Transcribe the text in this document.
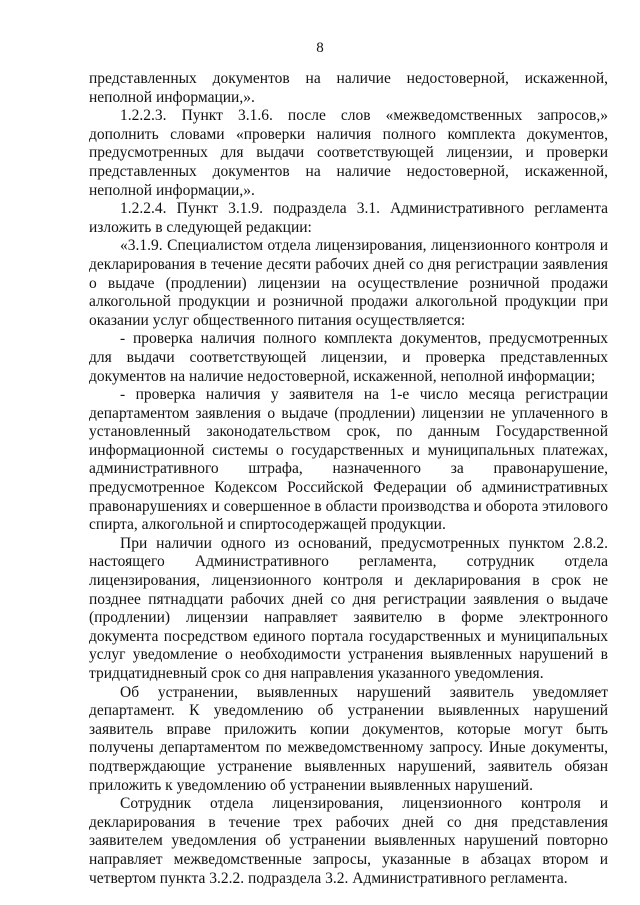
8

представленных документов на наличие недостоверной, искаженной, неполной информации,».

1.2.2.3. Пункт 3.1.6. после слов «межведомственных запросов,» дополнить словами «проверки наличия полного комплекта документов, предусмотренных для выдачи соответствующей лицензии, и проверки представленных документов на наличие недостоверной, искаженной, неполной информации,».

1.2.2.4. Пункт 3.1.9. подраздела 3.1. Административного регламента изложить в следующей редакции:

«3.1.9. Специалистом отдела лицензирования, лицензионного контроля и декларирования в течение десяти рабочих дней со дня регистрации заявления о выдаче (продлении) лицензии на осуществление розничной продажи алкогольной продукции и розничной продажи алкогольной продукции при оказании услуг общественного питания осуществляется:

- проверка наличия полного комплекта документов, предусмотренных для выдачи соответствующей лицензии, и проверка представленных документов на наличие недостоверной, искаженной, неполной информации;

- проверка наличия у заявителя на 1-е число месяца регистрации департаментом заявления о выдаче (продлении) лицензии не уплаченного в установленный законодательством срок, по данным Государственной информационной системы о государственных и муниципальных платежах, административного штрафа, назначенного за правонарушение, предусмотренное Кодексом Российской Федерации об административных правонарушениях и совершенное в области производства и оборота этилового спирта, алкогольной и спиртосодержащей продукции.

При наличии одного из оснований, предусмотренных пунктом 2.8.2. настоящего Административного регламента, сотрудник отдела лицензирования, лицензионного контроля и декларирования в срок не позднее пятнадцати рабочих дней со дня регистрации заявления о выдаче (продлении) лицензии направляет заявителю в форме электронного документа посредством единого портала государственных и муниципальных услуг уведомление о необходимости устранения выявленных нарушений в тридцатидневный срок со дня направления указанного уведомления.

Об устранении, выявленных нарушений заявитель уведомляет департамент. К уведомлению об устранении выявленных нарушений заявитель вправе приложить копии документов, которые могут быть получены департаментом по межведомственному запросу. Иные документы, подтверждающие устранение выявленных нарушений, заявитель обязан приложить к уведомлению об устранении выявленных нарушений.

Сотрудник отдела лицензирования, лицензионного контроля и декларирования в течение трех рабочих дней со дня представления заявителем уведомления об устранении выявленных нарушений повторно направляет межведомственные запросы, указанные в абзацах втором и четвертом пункта 3.2.2. подраздела 3.2. Административного регламента.
